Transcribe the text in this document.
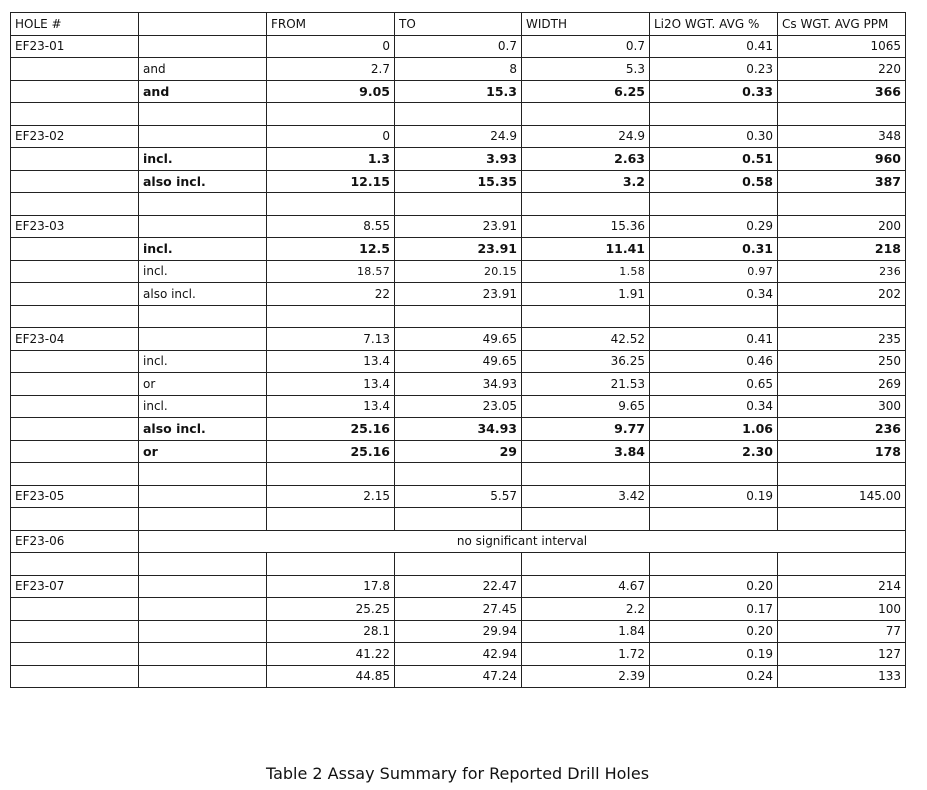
HOLE #		FROM	TO	WIDTH	Li2O WGT. AVG %	Cs WGT. AVG PPM
EF23-01		0	0.7	0.7	0.41	1065
	and	2.7	8	5.3	0.23	220
	and	9.05	15.3	6.25	0.33	366

EF23-02		0	24.9	24.9	0.30	348
	incl.	1.3	3.93	2.63	0.51	960
	also incl.	12.15	15.35	3.2	0.58	387

EF23-03		8.55	23.91	15.36	0.29	200
	incl.	12.5	23.91	11.41	0.31	218
	incl.	18.57	20.15	1.58	0.97	236
	also incl.	22	23.91	1.91	0.34	202

EF23-04		7.13	49.65	42.52	0.41	235
	incl.	13.4	49.65	36.25	0.46	250
	or	13.4	34.93	21.53	0.65	269
	incl.	13.4	23.05	9.65	0.34	300
	also incl.	25.16	34.93	9.77	1.06	236
	or	25.16	29	3.84	2.30	178

EF23-05		2.15	5.57	3.42	0.19	145.00

EF23-06	no significant interval					

EF23-07		17.8	22.47	4.67	0.20	214
		25.25	27.45	2.2	0.17	100
		28.1	29.94	1.84	0.20	77
		41.22	42.94	1.72	0.19	127
		44.85	47.24	2.39	0.24	133
Table 2 Assay Summary for Reported Drill Holes
